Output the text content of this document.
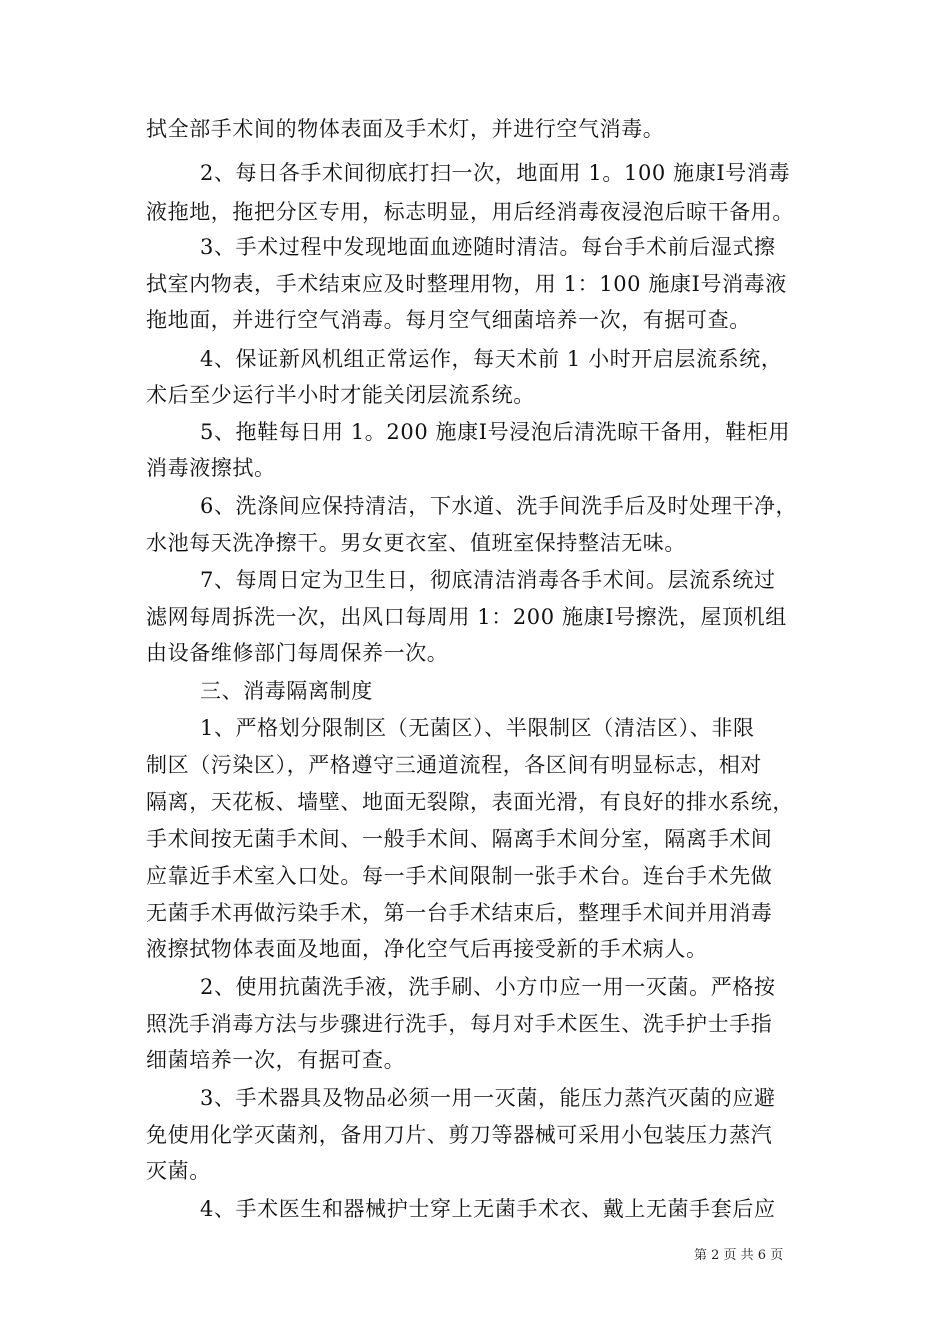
拭全部手术间的物体表面及手术灯，并进行空气消毒。
2、每日各手术间彻底打扫一次，地面用 1。100 施康Ⅰ号消毒
液拖地，拖把分区专用，标志明显，用后经消毒夜浸泡后晾干备用。
3、手术过程中发现地面血迹随时清洁。每台手术前后湿式擦
拭室内物表，手术结束应及时整理用物，用 1：100 施康Ⅰ号消毒液
拖地面，并进行空气消毒。每月空气细菌培养一次，有据可查。
4、保证新风机组正常运作，每天术前 1 小时开启层流系统，
术后至少运行半小时才能关闭层流系统。
5、拖鞋每日用 1。200 施康Ⅰ号浸泡后清洗晾干备用，鞋柜用
消毒液擦拭。
6、洗涤间应保持清洁，下水道、洗手间洗手后及时处理干净，
水池每天洗净擦干。男女更衣室、值班室保持整洁无味。
7、每周日定为卫生日，彻底清洁消毒各手术间。层流系统过
滤网每周拆洗一次，出风口每周用 1：200 施康Ⅰ号擦洗，屋顶机组
由设备维修部门每周保养一次。
三、消毒隔离制度
1、严格划分限制区（无菌区）、半限制区（清洁区）、非限
制区（污染区），严格遵守三通道流程，各区间有明显标志，相对
隔离，天花板、墙壁、地面无裂隙，表面光滑，有良好的排水系统，
手术间按无菌手术间、一般手术间、隔离手术间分室，隔离手术间
应靠近手术室入口处。每一手术间限制一张手术台。连台手术先做
无菌手术再做污染手术，第一台手术结束后，整理手术间并用消毒
液擦拭物体表面及地面，净化空气后再接受新的手术病人。
2、使用抗菌洗手液，洗手刷、小方巾应一用一灭菌。严格按
照洗手消毒方法与步骤进行洗手，每月对手术医生、洗手护士手指
细菌培养一次，有据可查。
3、手术器具及物品必须一用一灭菌，能压力蒸汽灭菌的应避
免使用化学灭菌剂，备用刀片、剪刀等器械可采用小包装压力蒸汽
灭菌。
4、手术医生和器械护士穿上无菌手术衣、戴上无菌手套后应
第 2 页 共 6 页
